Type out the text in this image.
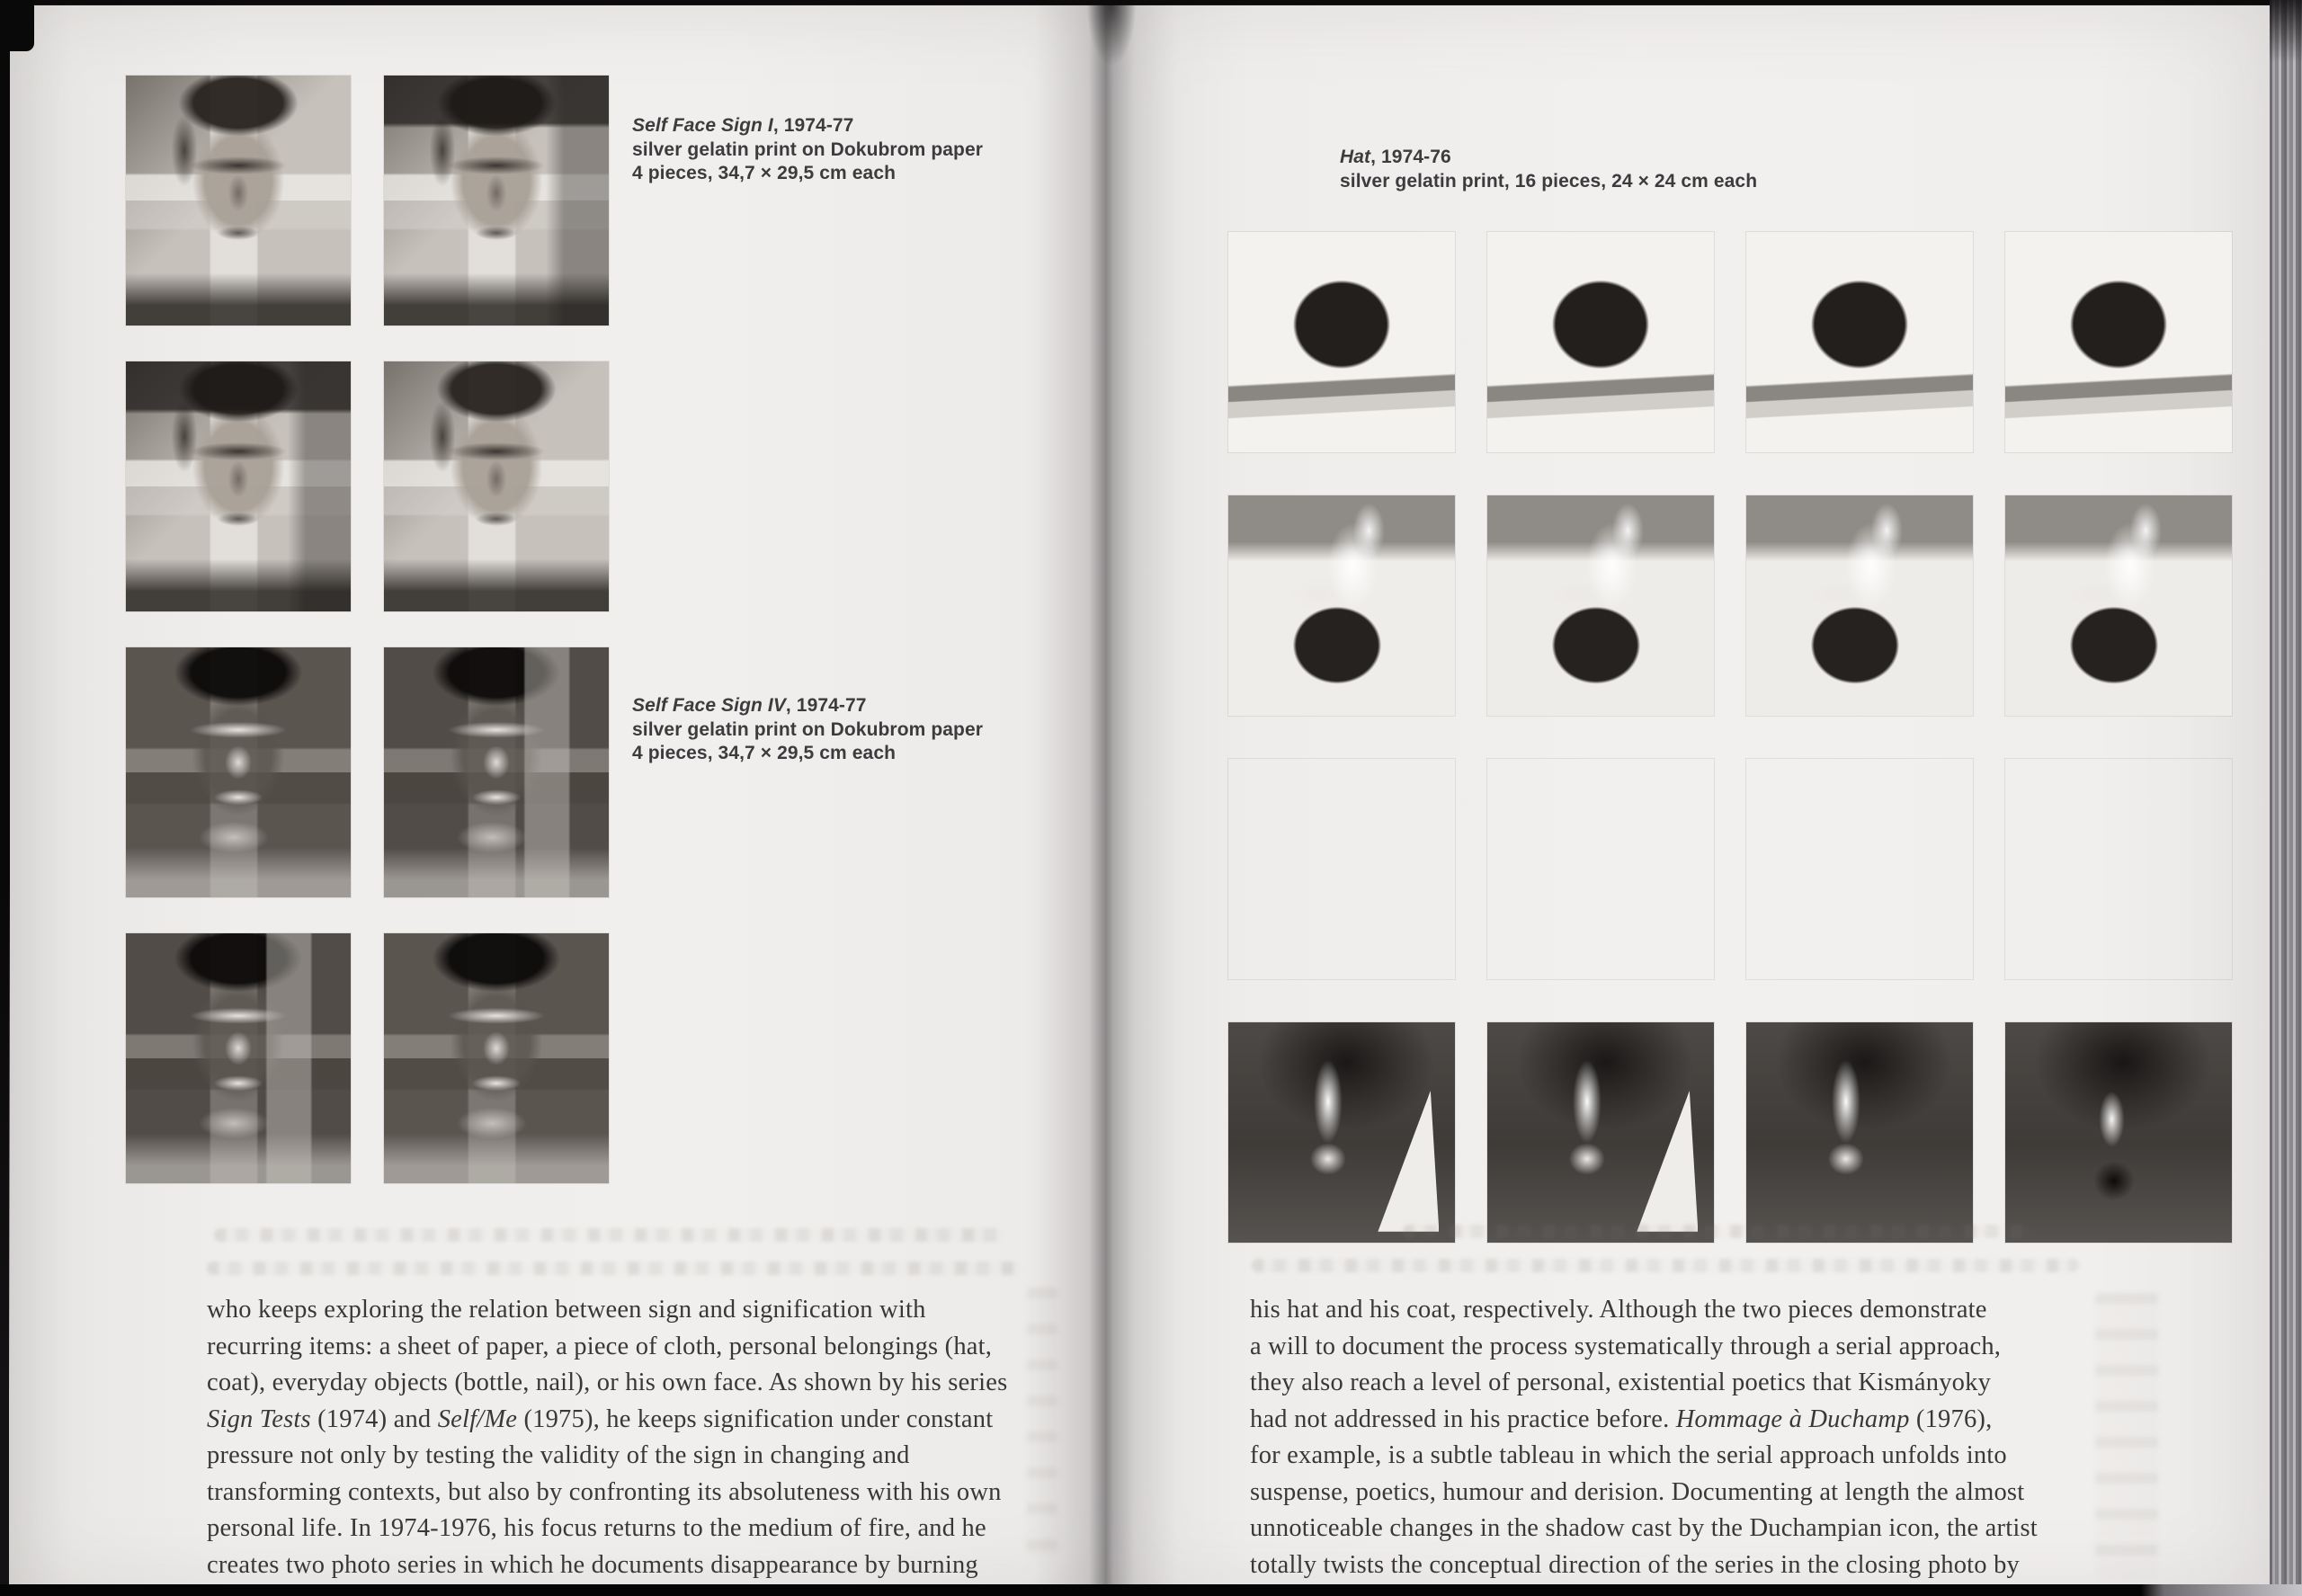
Self Face Sign I, 1974-77
silver gelatin print on Dokubrom paper
4 pieces, 34,7 × 29,5 cm each
Self Face Sign IV, 1974-77
silver gelatin print on Dokubrom paper
4 pieces, 34,7 × 29,5 cm each
Hat, 1974-76
silver gelatin print, 16 pieces, 24 × 24 cm each
who keeps exploring the relation between sign and signification with
recurring items: a sheet of paper, a piece of cloth, personal belongings (hat,
coat), everyday objects (bottle, nail), or his own face. As shown by his series
Sign Tests (1974) and Self/Me (1975), he keeps signification under constant
pressure not only by testing the validity of the sign in changing and
transforming contexts, but also by confronting its absoluteness with his own
personal life. In 1974-1976, his focus returns to the medium of fire, and he
creates two photo series in which he documents disappearance by burning
his hat and his coat, respectively. Although the two pieces demonstrate
a will to document the process systematically through a serial approach,
they also reach a level of personal, existential poetics that Kismányoky
had not addressed in his practice before. Hommage à Duchamp (1976),
for example, is a subtle tableau in which the serial approach unfolds into
suspense, poetics, humour and derision. Documenting at length the almost
unnoticeable changes in the shadow cast by the Duchampian icon, the artist
totally twists the conceptual direction of the series in the closing photo by
